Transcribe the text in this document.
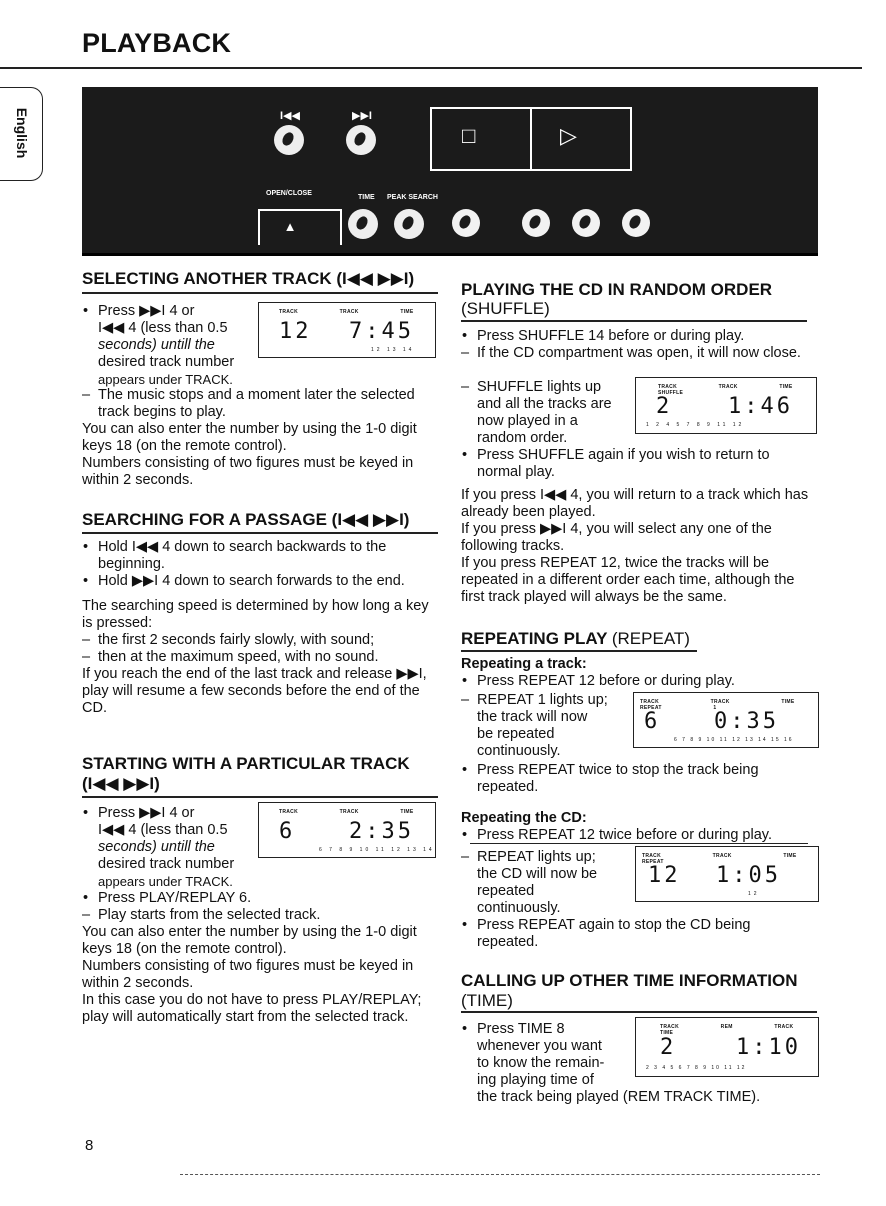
PLAYBACK
English	I◀◀	▶▶I
OPEN/CLOSE
TIME PEAK SEARCH
▲
□	▷
SELECTING ANOTHER TRACK (I◀◀ ▶▶I)

• Press ▶▶I 4 or

I◀◀ 4 (less than 0.5

seconds) untill the

desired track number

appears under TRACK.

TRACK TRACK TIME
12 7:45
12 13 14

– The music stops and a moment later the selected track begins to play.

You can also enter the number by using the 1-0 digit keys 18 (on the remote control).

Numbers consisting of two figures must be keyed in within 2 seconds.

SEARCHING FOR A PASSAGE (I◀◀ ▶▶I)

• Hold I◀◀ 4 down to search backwards to the beginning.

• Hold ▶▶I 4 down to search forwards to the end.

The searching speed is determined by how long a key is pressed:

– the first 2 seconds fairly slowly, with sound;

– then at the maximum speed, with no sound.

If you reach the end of the last track and release ▶▶I, play will resume a few seconds before the end of the CD.

STARTING WITH A PARTICULAR TRACK
(I◀◀ ▶▶I)

• Press ▶▶I 4 or

I◀◀ 4 (less than 0.5

seconds) untill the

desired track number

appears under TRACK.

TRACK TRACK TIME
6 2:35
6 7 8 9 10 11 12 13 14

• Press PLAY/REPLAY 6.

– Play starts from the selected track.

You can also enter the number by using the 1-0 digit keys 18 (on the remote control).

Numbers consisting of two figures must be keyed in within 2 seconds.

In this case you do not have to press PLAY/REPLAY; play will automatically start from the selected track.

PLAYING THE CD IN RANDOM ORDER
(SHUFFLE)

• Press SHUFFLE 14 before or during play.

– If the CD compartment was open, it will now close.

– SHUFFLE lights up

and all the tracks are

now played in a

random order.

TRACK TRACK TIME SHUFFLE
2	1:46
1 2 4 5 7 8 9 11 12

• Press SHUFFLE again if you wish to return to normal play.

If you press I◀◀ 4, you will return to a track which has already been played.

If you press ▶▶I 4, you will select any one of the following tracks.

If you press REPEAT 12, twice the tracks will be repeated in a different order each time, although the first track played will always be the same.

REPEATING PLAY (REPEAT)

Repeating a track:

• Press REPEAT 12 before or during play.

– REPEAT 1 lights up;

the track will now

be repeated

continuously.

TRACK TRACK TIME REPEAT 1
6 0:35
6 7 8 9 10 11 12 13 14 15 16

• Press REPEAT twice to stop the track being repeated.

Repeating the CD:

• Press REPEAT 12 twice before or during play.

– REPEAT lights up;

the CD will now be

repeated

continuously.

TRACK TRACK TIME REPEAT
12 1:05
12

• Press REPEAT again to stop the CD being repeated.

CALLING UP OTHER TIME INFORMATION
(TIME)

• Press TIME 8

whenever you want

to know the remain-

ing playing time of

the track being played (REM TRACK TIME).

TRACK REM TRACK TIME
2	1:10
2 3 4 5 6 7 8 9 10 11 12
8
